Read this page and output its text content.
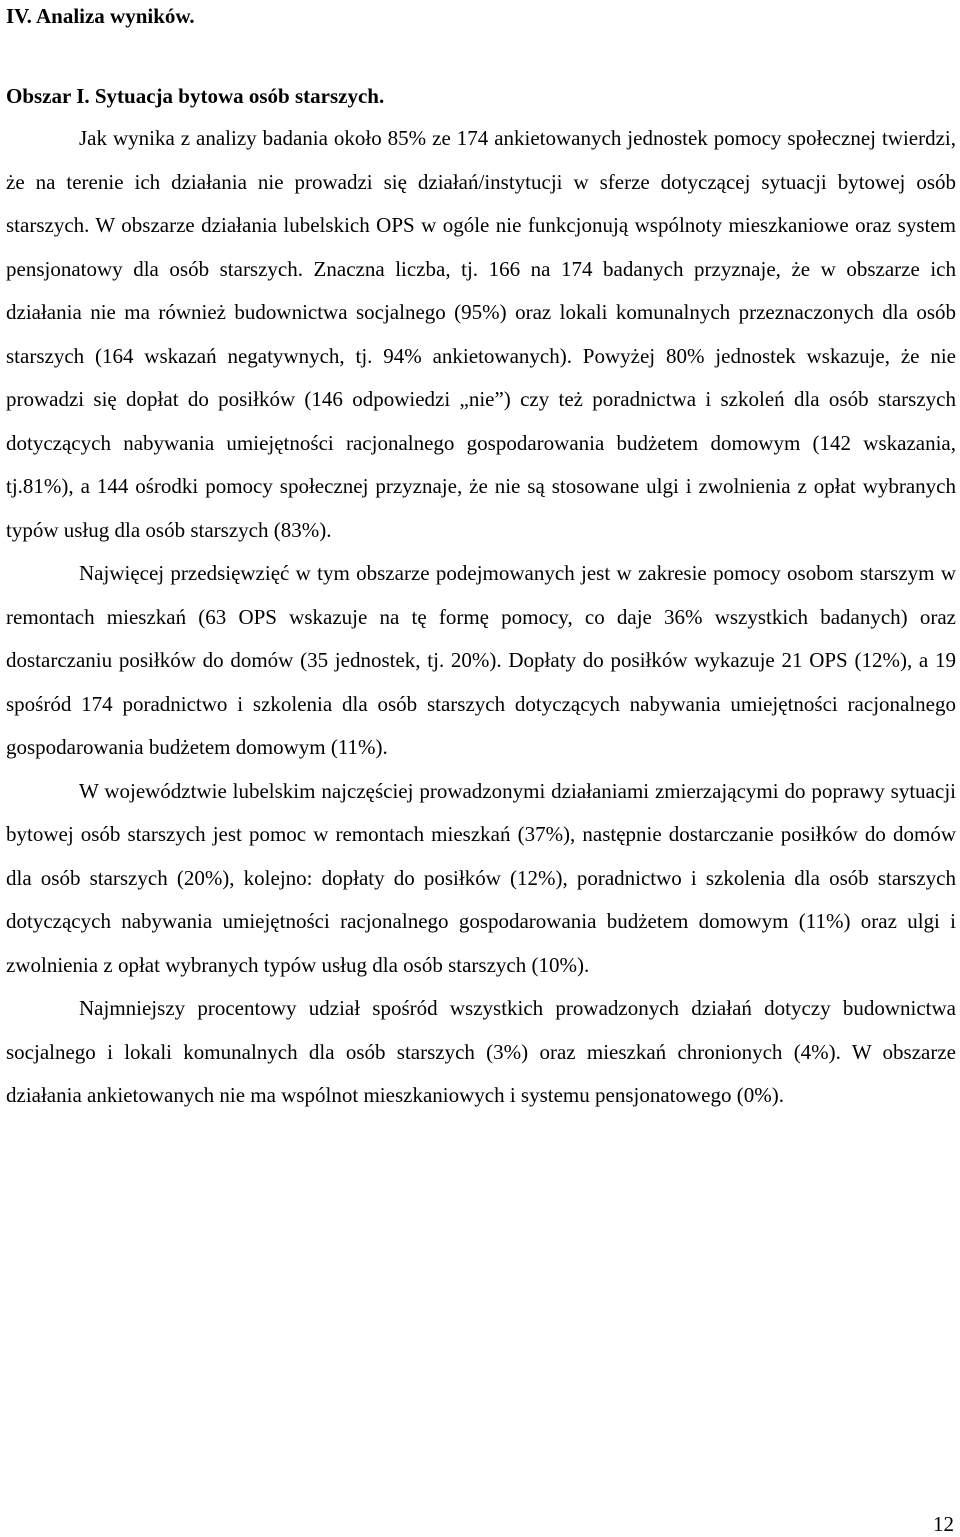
IV. Analiza wyników.
Obszar I. Sytuacja bytowa osób starszych.

Jak wynika z analizy badania około 85% ze 174 ankietowanych jednostek pomocy społecznej twierdzi, że na terenie ich działania nie prowadzi się działań/instytucji w sferze dotyczącej sytuacji bytowej osób starszych. W obszarze działania lubelskich OPS w ogóle nie funkcjonują wspólnoty mieszkaniowe oraz system pensjonatowy dla osób starszych. Znaczna liczba, tj. 166 na 174 badanych przyznaje, że w obszarze ich działania nie ma również budownictwa socjalnego (95%) oraz lokali komunalnych przeznaczonych dla osób starszych (164 wskazań negatywnych, tj. 94% ankietowanych). Powyżej 80% jednostek wskazuje, że nie prowadzi się dopłat do posiłków (146 odpowiedzi „nie”) czy też poradnictwa i szkoleń dla osób starszych dotyczących nabywania umiejętności racjonalnego gospodarowania budżetem domowym (142 wskazania, tj.81%), a 144 ośrodki pomocy społecznej przyznaje, że nie są stosowane ulgi i zwolnienia z opłat wybranych typów usług dla osób starszych (83%).

Najwięcej przedsięwzięć w tym obszarze podejmowanych jest w zakresie pomocy osobom starszym w remontach mieszkań (63 OPS wskazuje na tę formę pomocy, co daje 36% wszystkich badanych) oraz dostarczaniu posiłków do domów (35 jednostek, tj. 20%). Dopłaty do posiłków wykazuje 21 OPS (12%), a 19 spośród 174 poradnictwo i szkolenia dla osób starszych dotyczących nabywania umiejętności racjonalnego gospodarowania budżetem domowym (11%).

W województwie lubelskim najczęściej prowadzonymi działaniami zmierzającymi do poprawy sytuacji bytowej osób starszych jest pomoc w remontach mieszkań (37%), następnie dostarczanie posiłków do domów dla osób starszych (20%), kolejno: dopłaty do posiłków (12%), poradnictwo i szkolenia dla osób starszych dotyczących nabywania umiejętności racjonalnego gospodarowania budżetem domowym (11%) oraz ulgi i zwolnienia z opłat wybranych typów usług dla osób starszych (10%).

Najmniejszy procentowy udział spośród wszystkich prowadzonych działań dotyczy budownictwa socjalnego i lokali komunalnych dla osób starszych (3%) oraz mieszkań chronionych (4%). W obszarze działania ankietowanych nie ma wspólnot mieszkaniowych i systemu pensjonatowego (0%).

12
